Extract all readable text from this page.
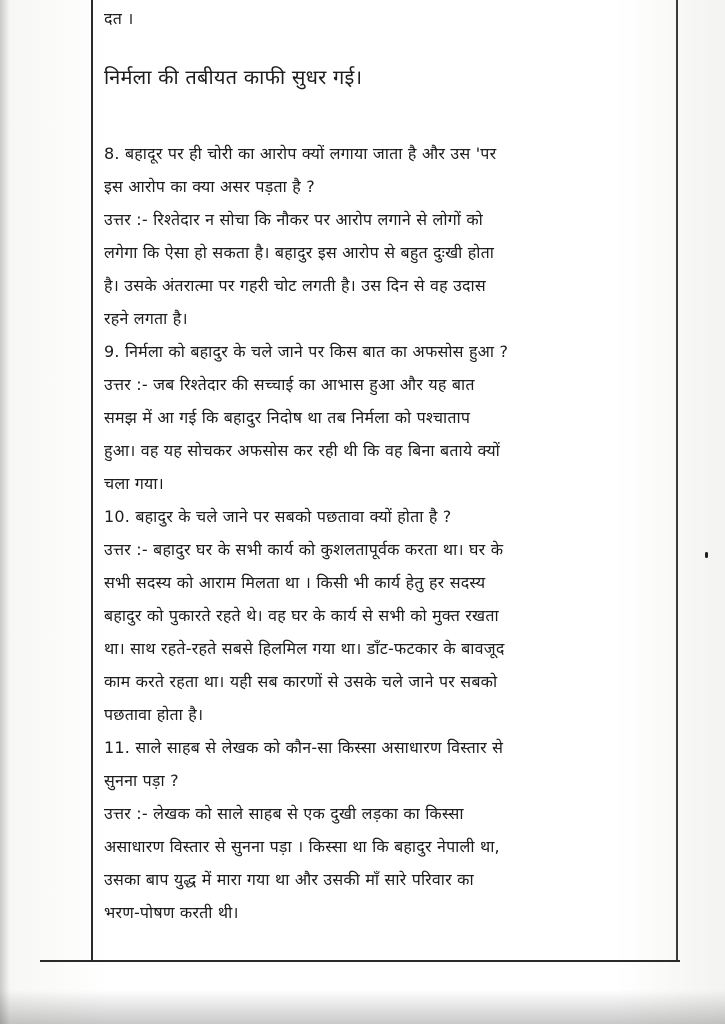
दत ।
निर्मला की तबीयत काफी सुधर गई।
8. बहादूर पर ही चोरी का आरोप क्यों लगाया जाता है और उस 'पर
इस आरोप का क्या असर पड़ता है ?
उत्तर :- रिश्तेदार न सोचा कि नौकर पर आरोप लगाने से लोगों को
लगेगा कि ऐसा हो सकता है। बहादुर इस आरोप से बहुत दुःखी होता
है। उसके अंतरात्मा पर गहरी चोट लगती है। उस दिन से वह उदास
रहने लगता है।
9. निर्मला को बहादुर के चले जाने पर किस बात का अफसोस हुआ ?
उत्तर :- जब रिश्तेदार की सच्चाई का आभास हुआ और यह बात
समझ में आ गई कि बहादुर निदोष था तब निर्मला को पश्चाताप
हुआ। वह यह सोचकर अफसोस कर रही थी कि वह बिना बताये क्यों
चला गया।
10. बहादुर के चले जाने पर सबको पछतावा क्यों होता है ?
उत्तर :- बहादुर घर के सभी कार्य को कुशलतापूर्वक करता था। घर के
सभी सदस्य को आराम मिलता था । किसी भी कार्य हेतु हर सदस्य
बहादुर को पुकारते रहते थे। वह घर के कार्य से सभी को मुक्त रखता
था। साथ रहते-रहते सबसे हिलमिल गया था। डाँट-फटकार के बावजूद
काम करते रहता था। यही सब कारणों से उसके चले जाने पर सबको
पछतावा होता है।
11. साले साहब से लेखक को कौन-सा किस्सा असाधारण विस्तार से
सुनना पड़ा ?
उत्तर :- लेखक को साले साहब से एक दुखी लड़का का किस्सा
असाधारण विस्तार से सुनना पड़ा । किस्सा था कि बहादुर नेपाली था,
उसका बाप युद्ध में मारा गया था और उसकी माँ सारे परिवार का
भरण-पोषण करती थी।
